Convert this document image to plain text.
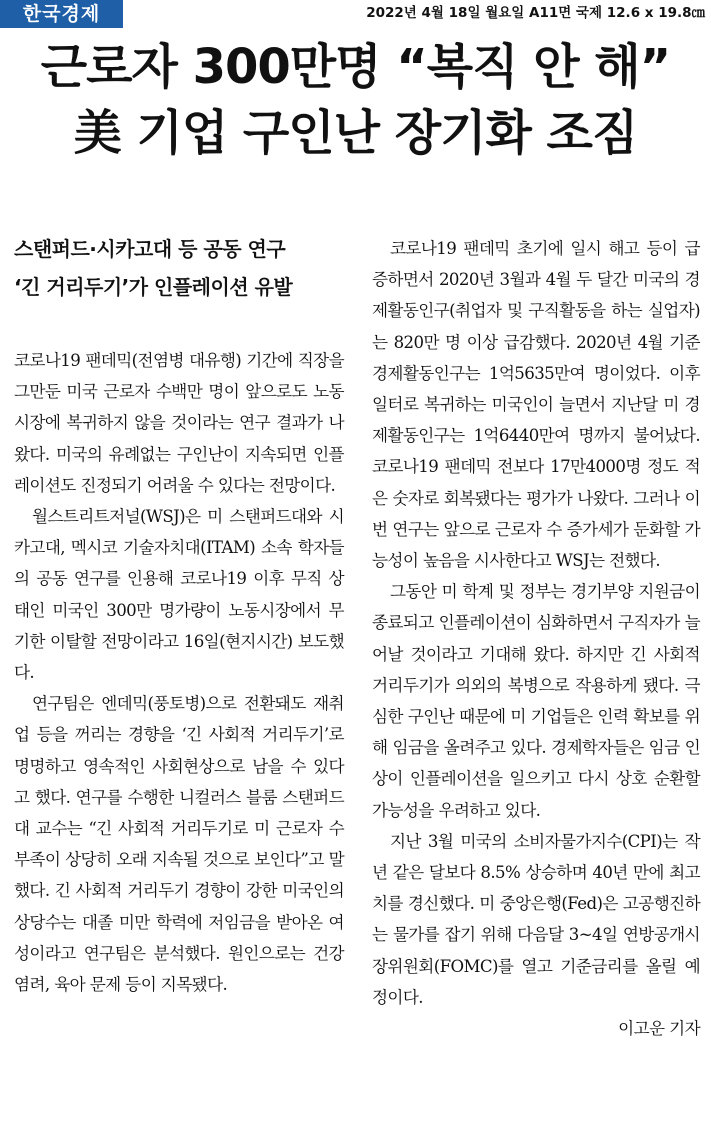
한국경제	2022년 4월 18일 월요일 A11면 국제 12.6 x 19.8㎝
근로자 300만명 “복직 안 해”
美 기업 구인난 장기화 조짐
스탠퍼드·시카고대 등 공동 연구
‘긴 거리두기’가 인플레이션 유발

코로나19 팬데믹(전염병 대유행) 기간에 직장을 그만둔 미국 근로자 수백만 명이 앞으로도 노동시장에 복귀하지 않을 것이라는 연구 결과가 나왔다. 미국의 유례없는 구인난이 지속되면 인플레이션도 진정되기 어려울 수 있다는 전망이다.

월스트리트저널(WSJ)은 미 스탠퍼드대와 시카고대, 멕시코 기술자치대(ITAM) 소속 학자들의 공동 연구를 인용해 코로나19 이후 무직 상태인 미국인 300만 명가량이 노동시장에서 무기한 이탈할 전망이라고 16일(현지시간) 보도했다.

연구팀은 엔데믹(풍토병)으로 전환돼도 재취업 등을 꺼리는 경향을 ‘긴 사회적 거리두기’로 명명하고 영속적인 사회현상으로 남을 수 있다고 했다. 연구를 수행한 니컬러스 블룸 스탠퍼드대 교수는 “긴 사회적 거리두기로 미 근로자 수 부족이 상당히 오래 지속될 것으로 보인다”고 말했다. 긴 사회적 거리두기 경향이 강한 미국인의 상당수는 대졸 미만 학력에 저임금을 받아온 여성이라고 연구팀은 분석했다. 원인으로는 건강 염려, 육아 문제 등이 지목됐다.

코로나19 팬데믹 초기에 일시 해고 등이 급증하면서 2020년 3월과 4월 두 달간 미국의 경제활동인구(취업자 및 구직활동을 하는 실업자)는 820만 명 이상 급감했다. 2020년 4월 기준 경제활동인구는 1억5635만여 명이었다. 이후 일터로 복귀하는 미국인이 늘면서 지난달 미 경제활동인구는 1억6440만여 명까지 불어났다. 코로나19 팬데믹 전보다 17만4000명 정도 적은 숫자로 회복됐다는 평가가 나왔다. 그러나 이번 연구는 앞으로 근로자 수 증가세가 둔화할 가능성이 높음을 시사한다고 WSJ는 전했다.

그동안 미 학계 및 정부는 경기부양 지원금이 종료되고 인플레이션이 심화하면서 구직자가 늘어날 것이라고 기대해 왔다. 하지만 긴 사회적 거리두기가 의외의 복병으로 작용하게 됐다. 극심한 구인난 때문에 미 기업들은 인력 확보를 위해 임금을 올려주고 있다. 경제학자들은 임금 인상이 인플레이션을 일으키고 다시 상호 순환할 가능성을 우려하고 있다.

지난 3월 미국의 소비자물가지수(CPI)는 작년 같은 달보다 8.5% 상승하며 40년 만에 최고치를 경신했다. 미 중앙은행(Fed)은 고공행진하는 물가를 잡기 위해 다음달 3~4일 연방공개시장위원회(FOMC)를 열고 기준금리를 올릴 예정이다.

이고운 기자
